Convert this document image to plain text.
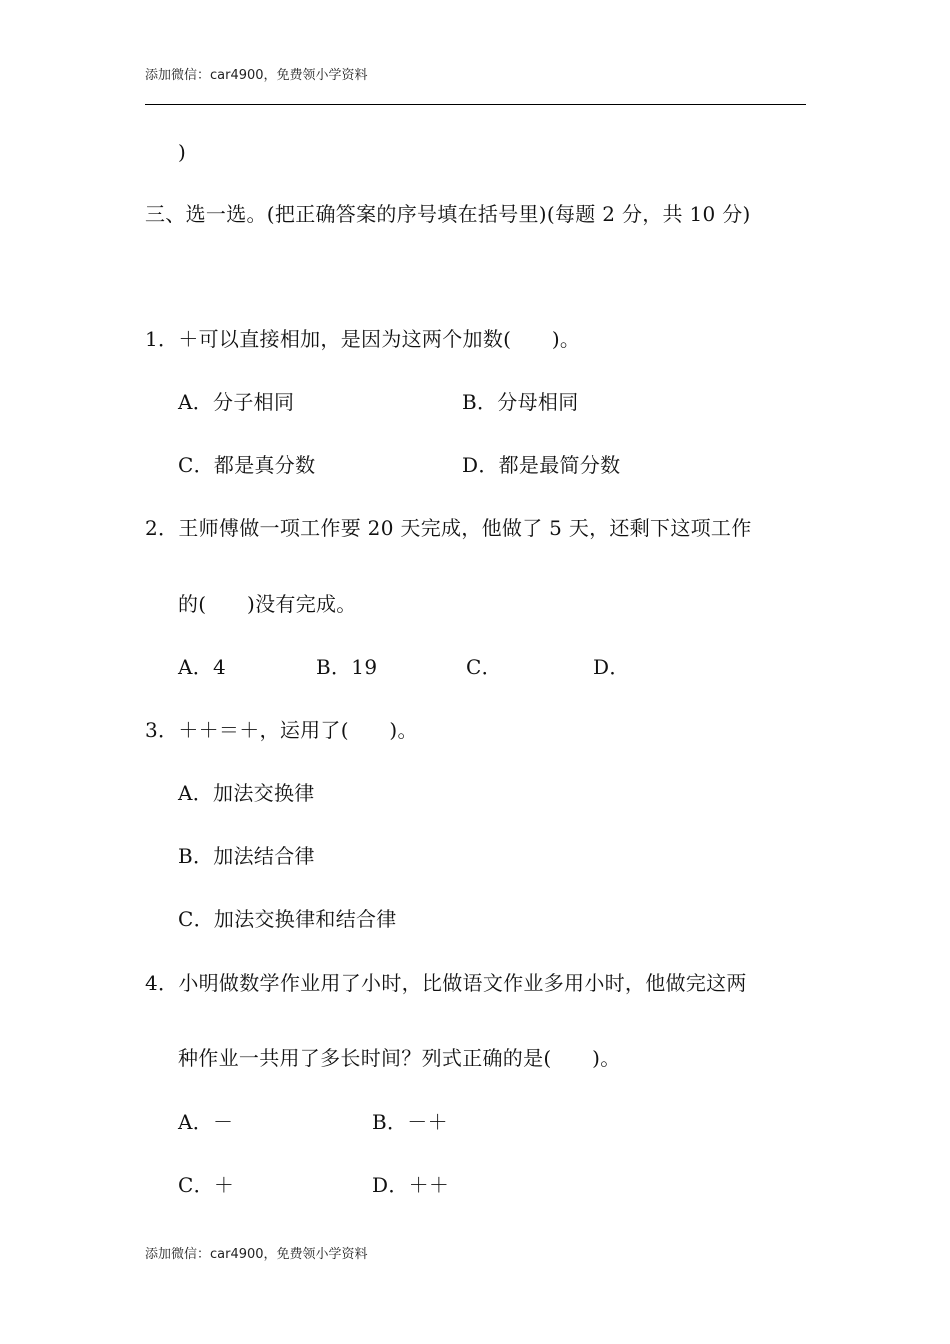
添加微信：car4900，免费领小学资料
)
三、选一选。(把正确答案的序号填在括号里)(每题 2 分，共 10 分)
1．＋可以直接相加，是因为这两个加数(　　)。
A．分子相同	B．分母相同
C．都是真分数	D．都是最简分数
2．王师傅做一项工作要 20 天完成，他做了 5 天，还剩下这项工作
的(　　)没有完成。
A．4	B．19	C．	D．
3．＋＋＝＋，运用了(　　)。
A．加法交换律
B．加法结合律
C．加法交换律和结合律
4．小明做数学作业用了小时，比做语文作业多用小时，他做完这两
种作业一共用了多长时间？列式正确的是(　　)。
A．－	B．－＋
C．＋	D．＋＋
添加微信：car4900，免费领小学资料
